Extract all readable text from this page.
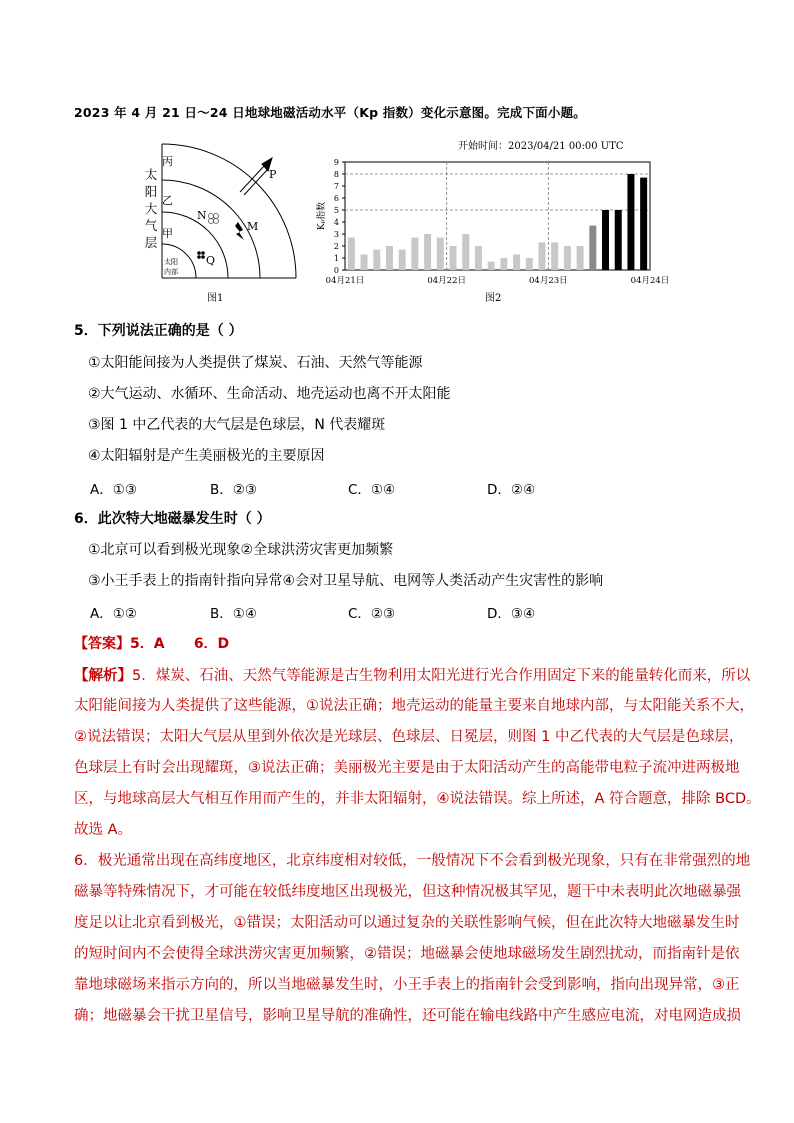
2023 年 4 月 21 日～24 日地球地磁活动水平（Kp 指数）变化示意图。完成下面小题。
丙
乙
甲
太阳
内部
N
M
P
Q
太
阳
大
气
层
图1
开始时间：2023/04/21 00:00 UTC
0
1
2
3
4
5
6
7
8
9
04月21日	04月22日	04月23日	04月24日
Kₚ指数
图2
5．下列说法正确的是（ ）
①太阳能间接为人类提供了煤炭、石油、天然气等能源
②大气运动、水循环、生命活动、地壳运动也离不开太阳能
③图 1 中乙代表的大气层是色球层，N 代表耀斑
④太阳辐射是产生美丽极光的主要原因
A．①③	B．②③	C．①④	D．②④
6．此次特大地磁暴发生时（ ）
①北京可以看到极光现象②全球洪涝灾害更加频繁
③小王手表上的指南针指向异常④会对卫星导航、电网等人类活动产生灾害性的影响
A．①②	B．①④	C．②③	D．③④
【答案】5．A      6．D
【解析】5．煤炭、石油、天然气等能源是古生物利用太阳光进行光合作用固定下来的能量转化而来，所以
太阳能间接为人类提供了这些能源，①说法正确；地壳运动的能量主要来自地球内部，与太阳能关系不大，
②说法错误；太阳大气层从里到外依次是光球层、色球层、日冕层，则图 1 中乙代表的大气层是色球层，
色球层上有时会出现耀斑，③说法正确；美丽极光主要是由于太阳活动产生的高能带电粒子流冲进两极地
区，与地球高层大气相互作用而产生的，并非太阳辐射，④说法错误。综上所述，A 符合题意，排除 BCD。
故选 A。
6．极光通常出现在高纬度地区，北京纬度相对较低，一般情况下不会看到极光现象，只有在非常强烈的地
磁暴等特殊情况下，才可能在较低纬度地区出现极光，但这种情况极其罕见，题干中未表明此次地磁暴强
度足以让北京看到极光，①错误；太阳活动可以通过复杂的关联性影响气候，但在此次特大地磁暴发生时
的短时间内不会使得全球洪涝灾害更加频繁，②错误；地磁暴会使地球磁场发生剧烈扰动，而指南针是依
靠地球磁场来指示方向的，所以当地磁暴发生时，小王手表上的指南针会受到影响，指向出现异常，③正
确；地磁暴会干扰卫星信号，影响卫星导航的准确性，还可能在输电线路中产生感应电流，对电网造成损
